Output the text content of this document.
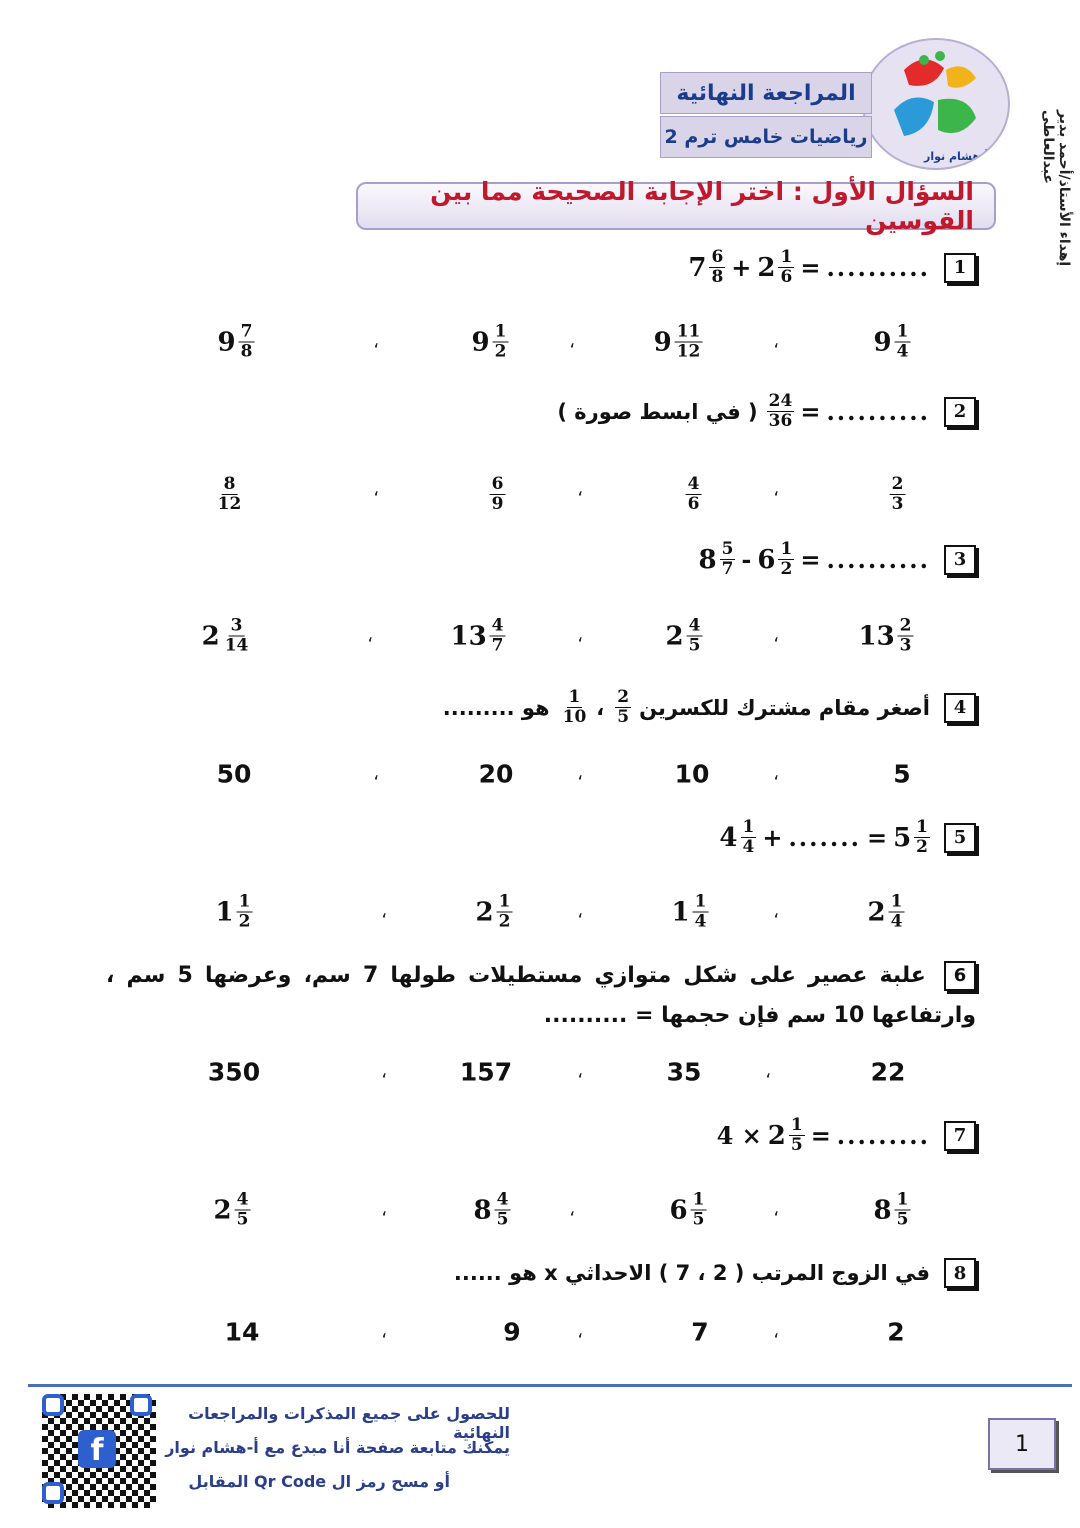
إهداء الأستاذ/أحمد بدير عبدالعاطى
مع أ-هشام نوار
المراجعة النهائية
رياضيات خامس ترم 2
السؤال الأول : اختر الإجابة الصحيحة مما بين القوسين
1
$7 \frac{6}{8} + 2 \frac{1}{6}$ = ..........
$9 \frac{1}{4}$
$9 \frac{11}{12}$
$9 \frac{1}{2}$
$9 \frac{7}{8}$	،
،
،
2
( في ابسط صورة ) $\frac{24}{36}$ = ..........
$\frac{2}{3}$
$\frac{4}{6}$
$\frac{6}{9}$
$\frac{8}{12}$	،
،
،
3
$8 \frac{5}{7} - 6 \frac{1}{2}$ = ..........
$13 \frac{2}{3}$
$2 \frac{4}{5}$
$13 \frac{4}{7}$
$2 \frac{3}{14}$	،
،
،
4
أصغر مقام مشترك للكسرين
$\frac{2}{5}$
،
$\frac{1}{10}$
هو .........
5
10
20
50	،
،
،
5
$4 \frac{1}{4}$ + ....... = $5 \frac{1}{2}$
$2 \frac{1}{4}$
$1 \frac{1}{4}$
$2 \frac{1}{2}$
$1 \frac{1}{2}$	،
،
،
6 علبة عصير على شكل متوازي مستطيلات طولها 7 سم، وعرضها 5 سم ، وارتفاعها 10 سم فإن حجمها = ..........
22
35
157
350	،
،
،
7
$4 \times 2 \frac{1}{5}$ = .........
$8 \frac{1}{5}$
$6 \frac{1}{5}$
$8 \frac{4}{5}$
$2 \frac{4}{5}$	،
،
،
8
في الزوج المرتب ( 2 ، 7 ) الاحداثي x هو ......
2
7
9
14	،
،
،
للحصول على جميع المذكرات والمراجعات النهائية
يمكنك متابعة صفحة أنا مبدع مع أ-هشام نوار
أو مسح رمز ال Qr Code المقابل
f	1
